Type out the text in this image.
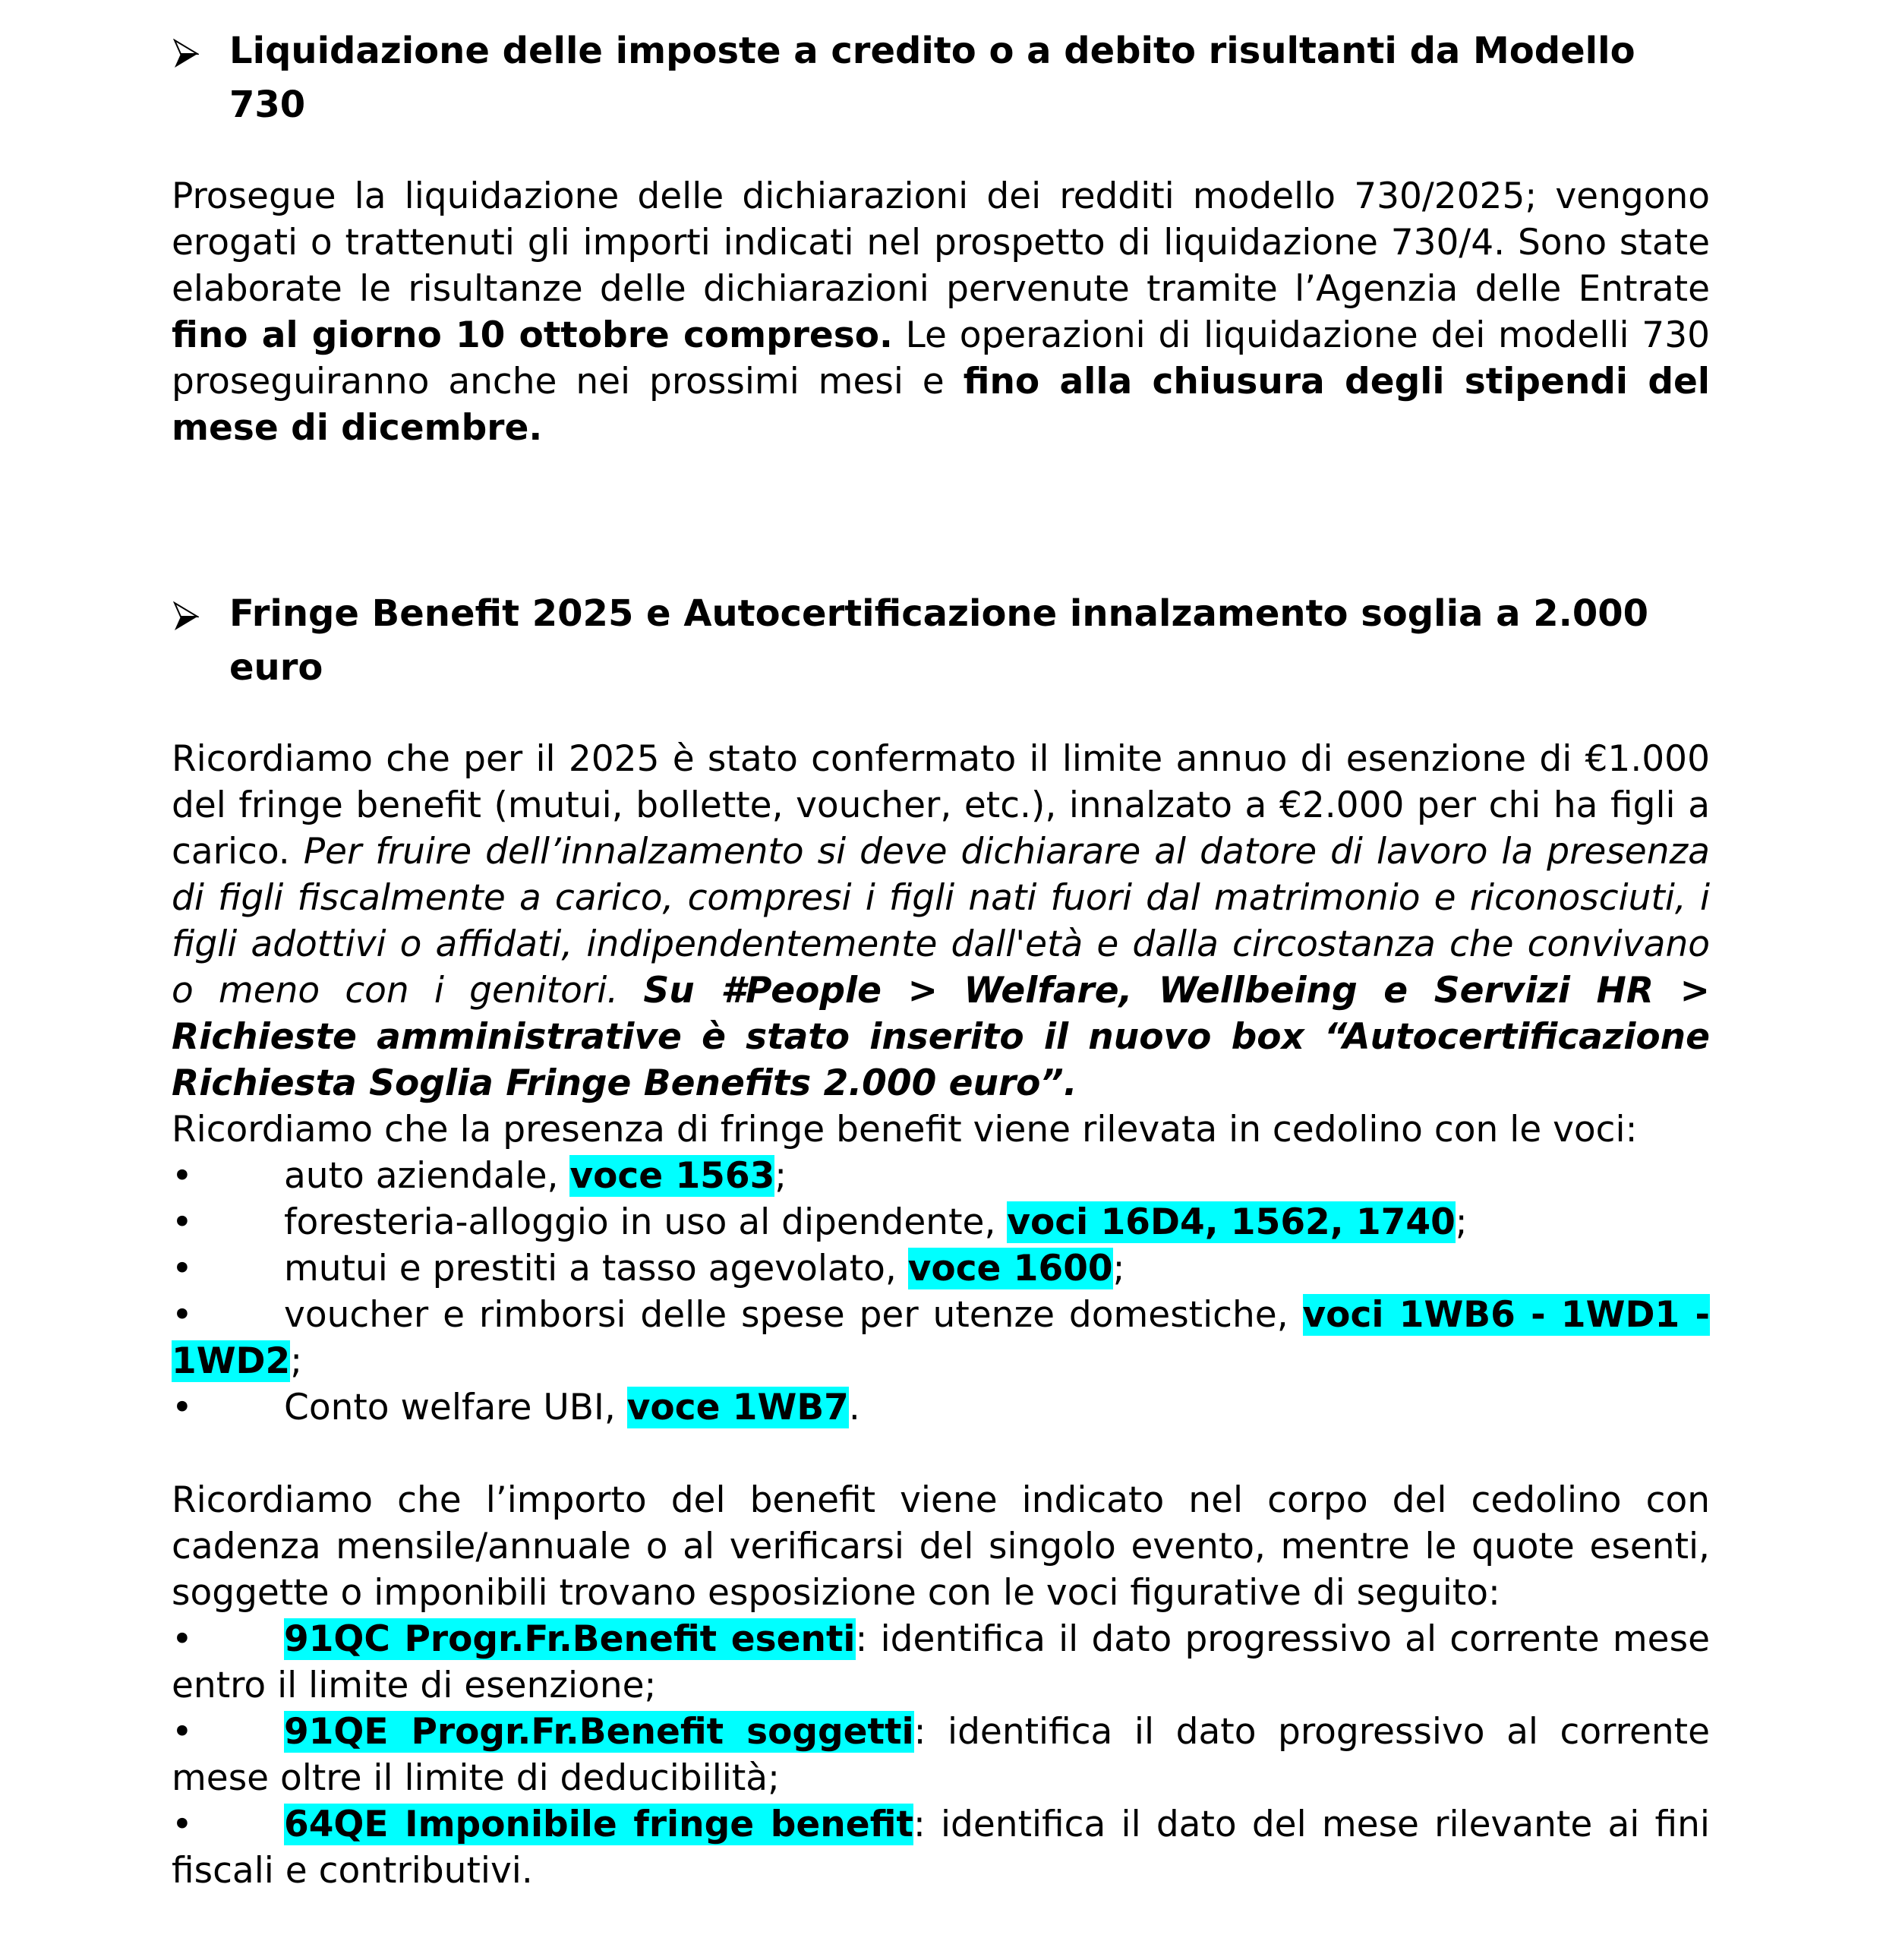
Liquidazione delle imposte a credito o a debito risultanti da Modello 730

Prosegue la liquidazione delle dichiarazioni dei redditi modello 730/2025; vengono erogati o trattenuti gli importi indicati nel prospetto di liquidazione 730/4. Sono state elaborate le risultanze delle dichiarazioni pervenute tramite l’Agenzia delle Entrate fino al giorno 10 ottobre compreso. Le operazioni di liquidazione dei modelli 730 proseguiranno anche nei prossimi mesi e fino alla chiusura degli stipendi del mese di dicembre.

Fringe Benefit 2025 e Autocertificazione innalzamento soglia a 2.000 euro

Ricordiamo che per il 2025 è stato confermato il limite annuo di esenzione di €1.000 del fringe benefit (mutui, bollette, voucher, etc.), innalzato a €2.000 per chi ha figli a carico. Per fruire dell’innalzamento si deve dichiarare al datore di lavoro la presenza di figli fiscalmente a carico, compresi i figli nati fuori dal matrimonio e riconosciuti, i figli adottivi o affidati, indipendentemente dall'età e dalla circostanza che convivano o meno con i genitori. Su #People > Welfare, Wellbeing e Servizi HR > Richieste amministrative è stato inserito il nuovo box “Autocertificazione Richiesta Soglia Fringe Benefits 2.000 euro”.

Ricordiamo che la presenza di fringe benefit viene rilevata in cedolino con le voci:

•	auto aziendale, voce 1563;
•	foresteria-alloggio in uso al dipendente, voci 16D4, 1562, 1740;
•	mutui e prestiti a tasso agevolato, voce 1600;
•	voucher e rimborsi delle spese per utenze domestiche, voci 1WB6 - 1WD1 - 1WD2;
•	Conto welfare UBI, voce 1WB7.

Ricordiamo che l’importo del benefit viene indicato nel corpo del cedolino con cadenza mensile/annuale o al verificarsi del singolo evento, mentre le quote esenti, soggette o imponibili trovano esposizione con le voci figurative di seguito:

•	91QC Progr.Fr.Benefit esenti: identifica il dato progressivo al corrente mese entro il limite di esenzione;
•	91QE Progr.Fr.Benefit soggetti: identifica il dato progressivo al corrente mese oltre il limite di deducibilità;
•	64QE Imponibile fringe benefit: identifica il dato del mese rilevante ai fini fiscali e contributivi.
